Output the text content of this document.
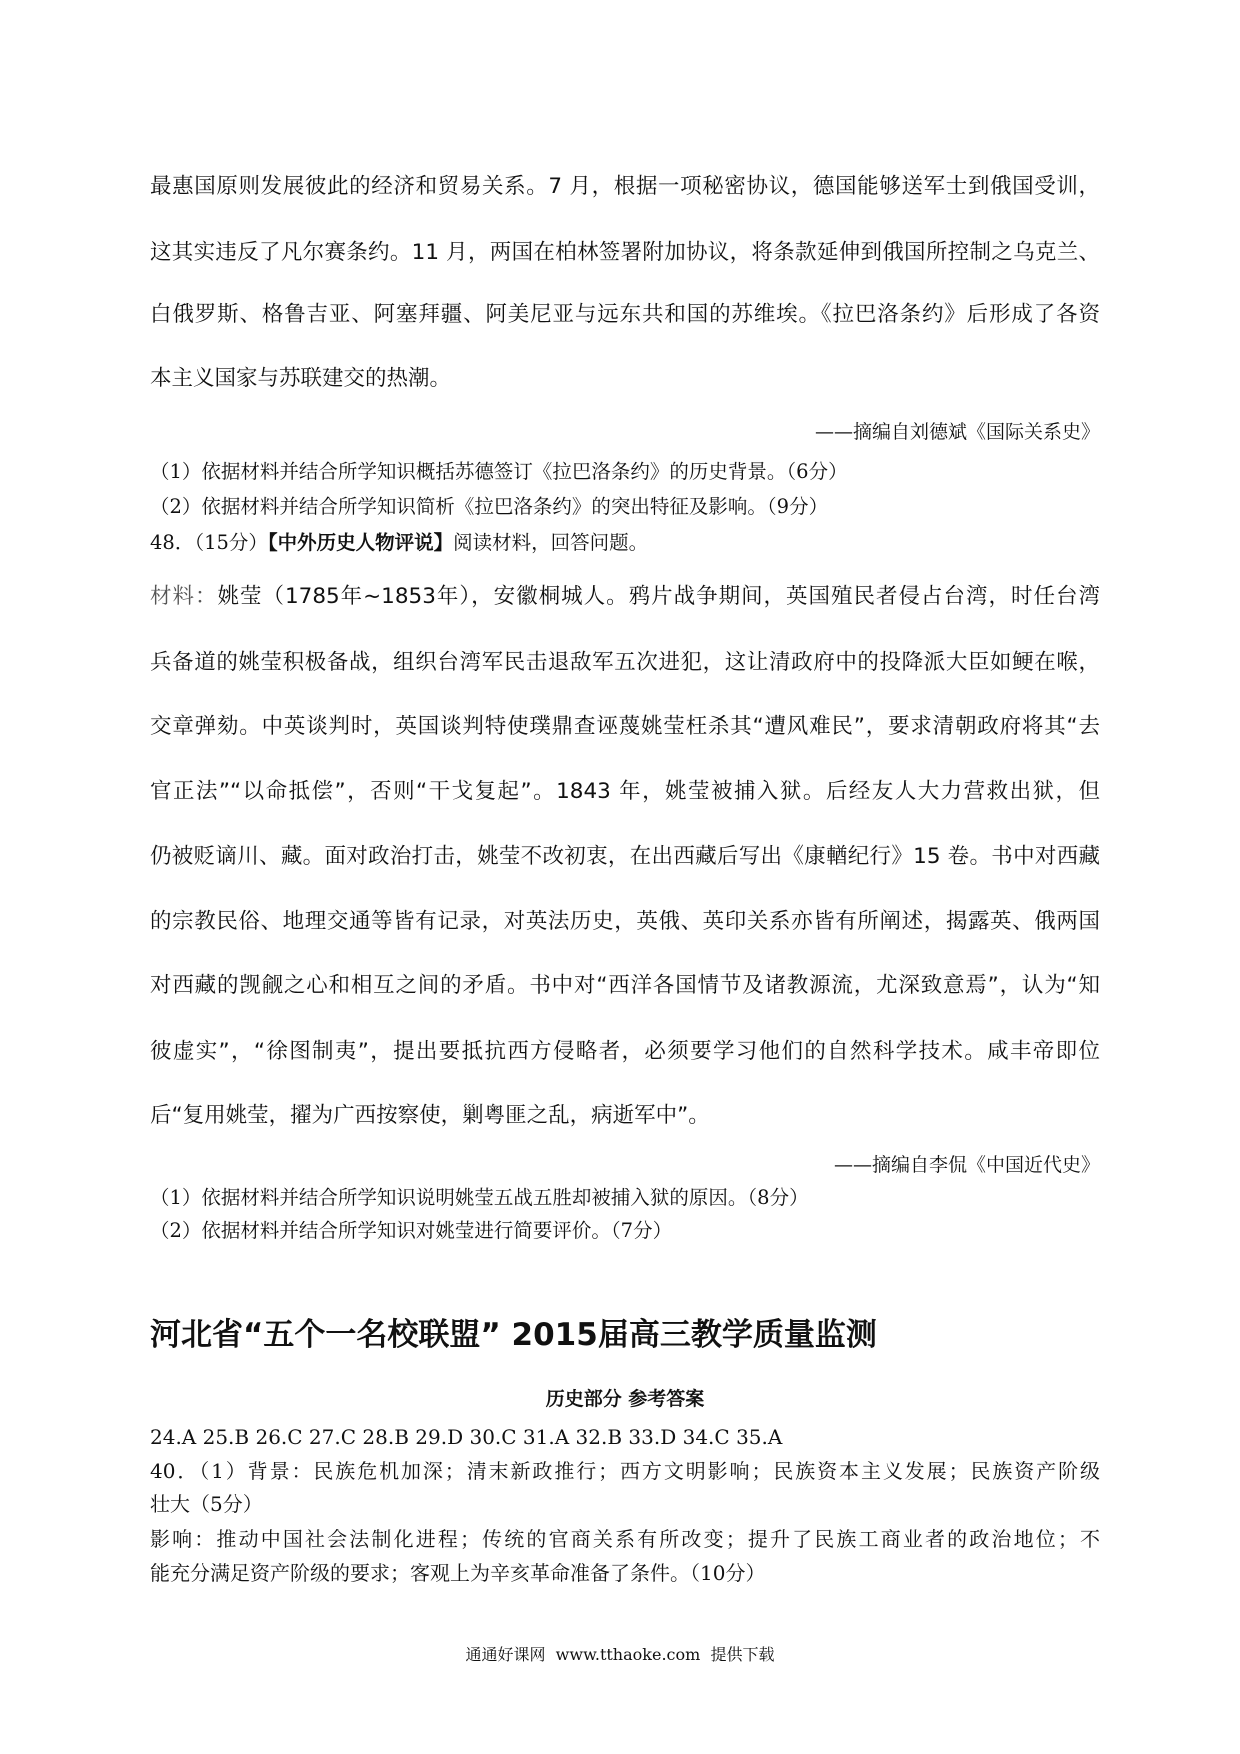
最惠国原则发展彼此的经济和贸易关系。7 月，根据一项秘密协议，德国能够送军士到俄国受训，
这其实违反了凡尔赛条约。11 月，两国在柏林签署附加协议，将条款延伸到俄国所控制之乌克兰、
白俄罗斯、格鲁吉亚、阿塞拜疆、阿美尼亚与远东共和国的苏维埃。《拉巴洛条约》后形成了各资
本主义国家与苏联建交的热潮。
——摘编自刘德斌《国际关系史》
（1）依据材料并结合所学知识概括苏德签订《拉巴洛条约》的历史背景。（6分）
（2）依据材料并结合所学知识简析《拉巴洛条约》的突出特征及影响。（9分）
48．（15分）【中外历史人物评说】阅读材料，回答问题。
材料：姚莹（1785年~1853年），安徽桐城人。鸦片战争期间，英国殖民者侵占台湾，时任台湾
兵备道的姚莹积极备战，组织台湾军民击退敌军五次进犯，这让清政府中的投降派大臣如鲠在喉，
交章弹劾。中英谈判时，英国谈判特使璞鼎查诬蔑姚莹枉杀其“遭风难民”，要求清朝政府将其“去
官正法”“以命抵偿”，否则“干戈复起”。1843 年，姚莹被捕入狱。后经友人大力营救出狱，但
仍被贬谪川、藏。面对政治打击，姚莹不改初衷，在出西藏后写出《康輶纪行》15 卷。书中对西藏
的宗教民俗、地理交通等皆有记录，对英法历史，英俄、英印关系亦皆有所阐述，揭露英、俄两国
对西藏的觊觎之心和相互之间的矛盾。书中对“西洋各国情节及诸教源流，尤深致意焉”，认为“知
彼虚实”，“徐图制夷”，提出要抵抗西方侵略者，必须要学习他们的自然科学技术。咸丰帝即位
后“复用姚莹，擢为广西按察使，剿粤匪之乱，病逝军中”。
——摘编自李侃《中国近代史》
（1）依据材料并结合所学知识说明姚莹五战五胜却被捕入狱的原因。（8分）
（2）依据材料并结合所学知识对姚莹进行简要评价。（7分）
河北省“五个一名校联盟” 2015届高三教学质量监测
历史部分 参考答案
24.A 25.B 26.C 27.C 28.B 29.D 30.C 31.A 32.B 33.D 34.C 35.A
40．（1）背景：民族危机加深；清末新政推行；西方文明影响；民族资本主义发展；民族资产阶级
壮大（5分）
影响：推动中国社会法制化进程；传统的官商关系有所改变；提升了民族工商业者的政治地位；不
能充分满足资产阶级的要求；客观上为辛亥革命准备了条件。（10分）
通通好课网  www.tthaoke.com  提供下载
